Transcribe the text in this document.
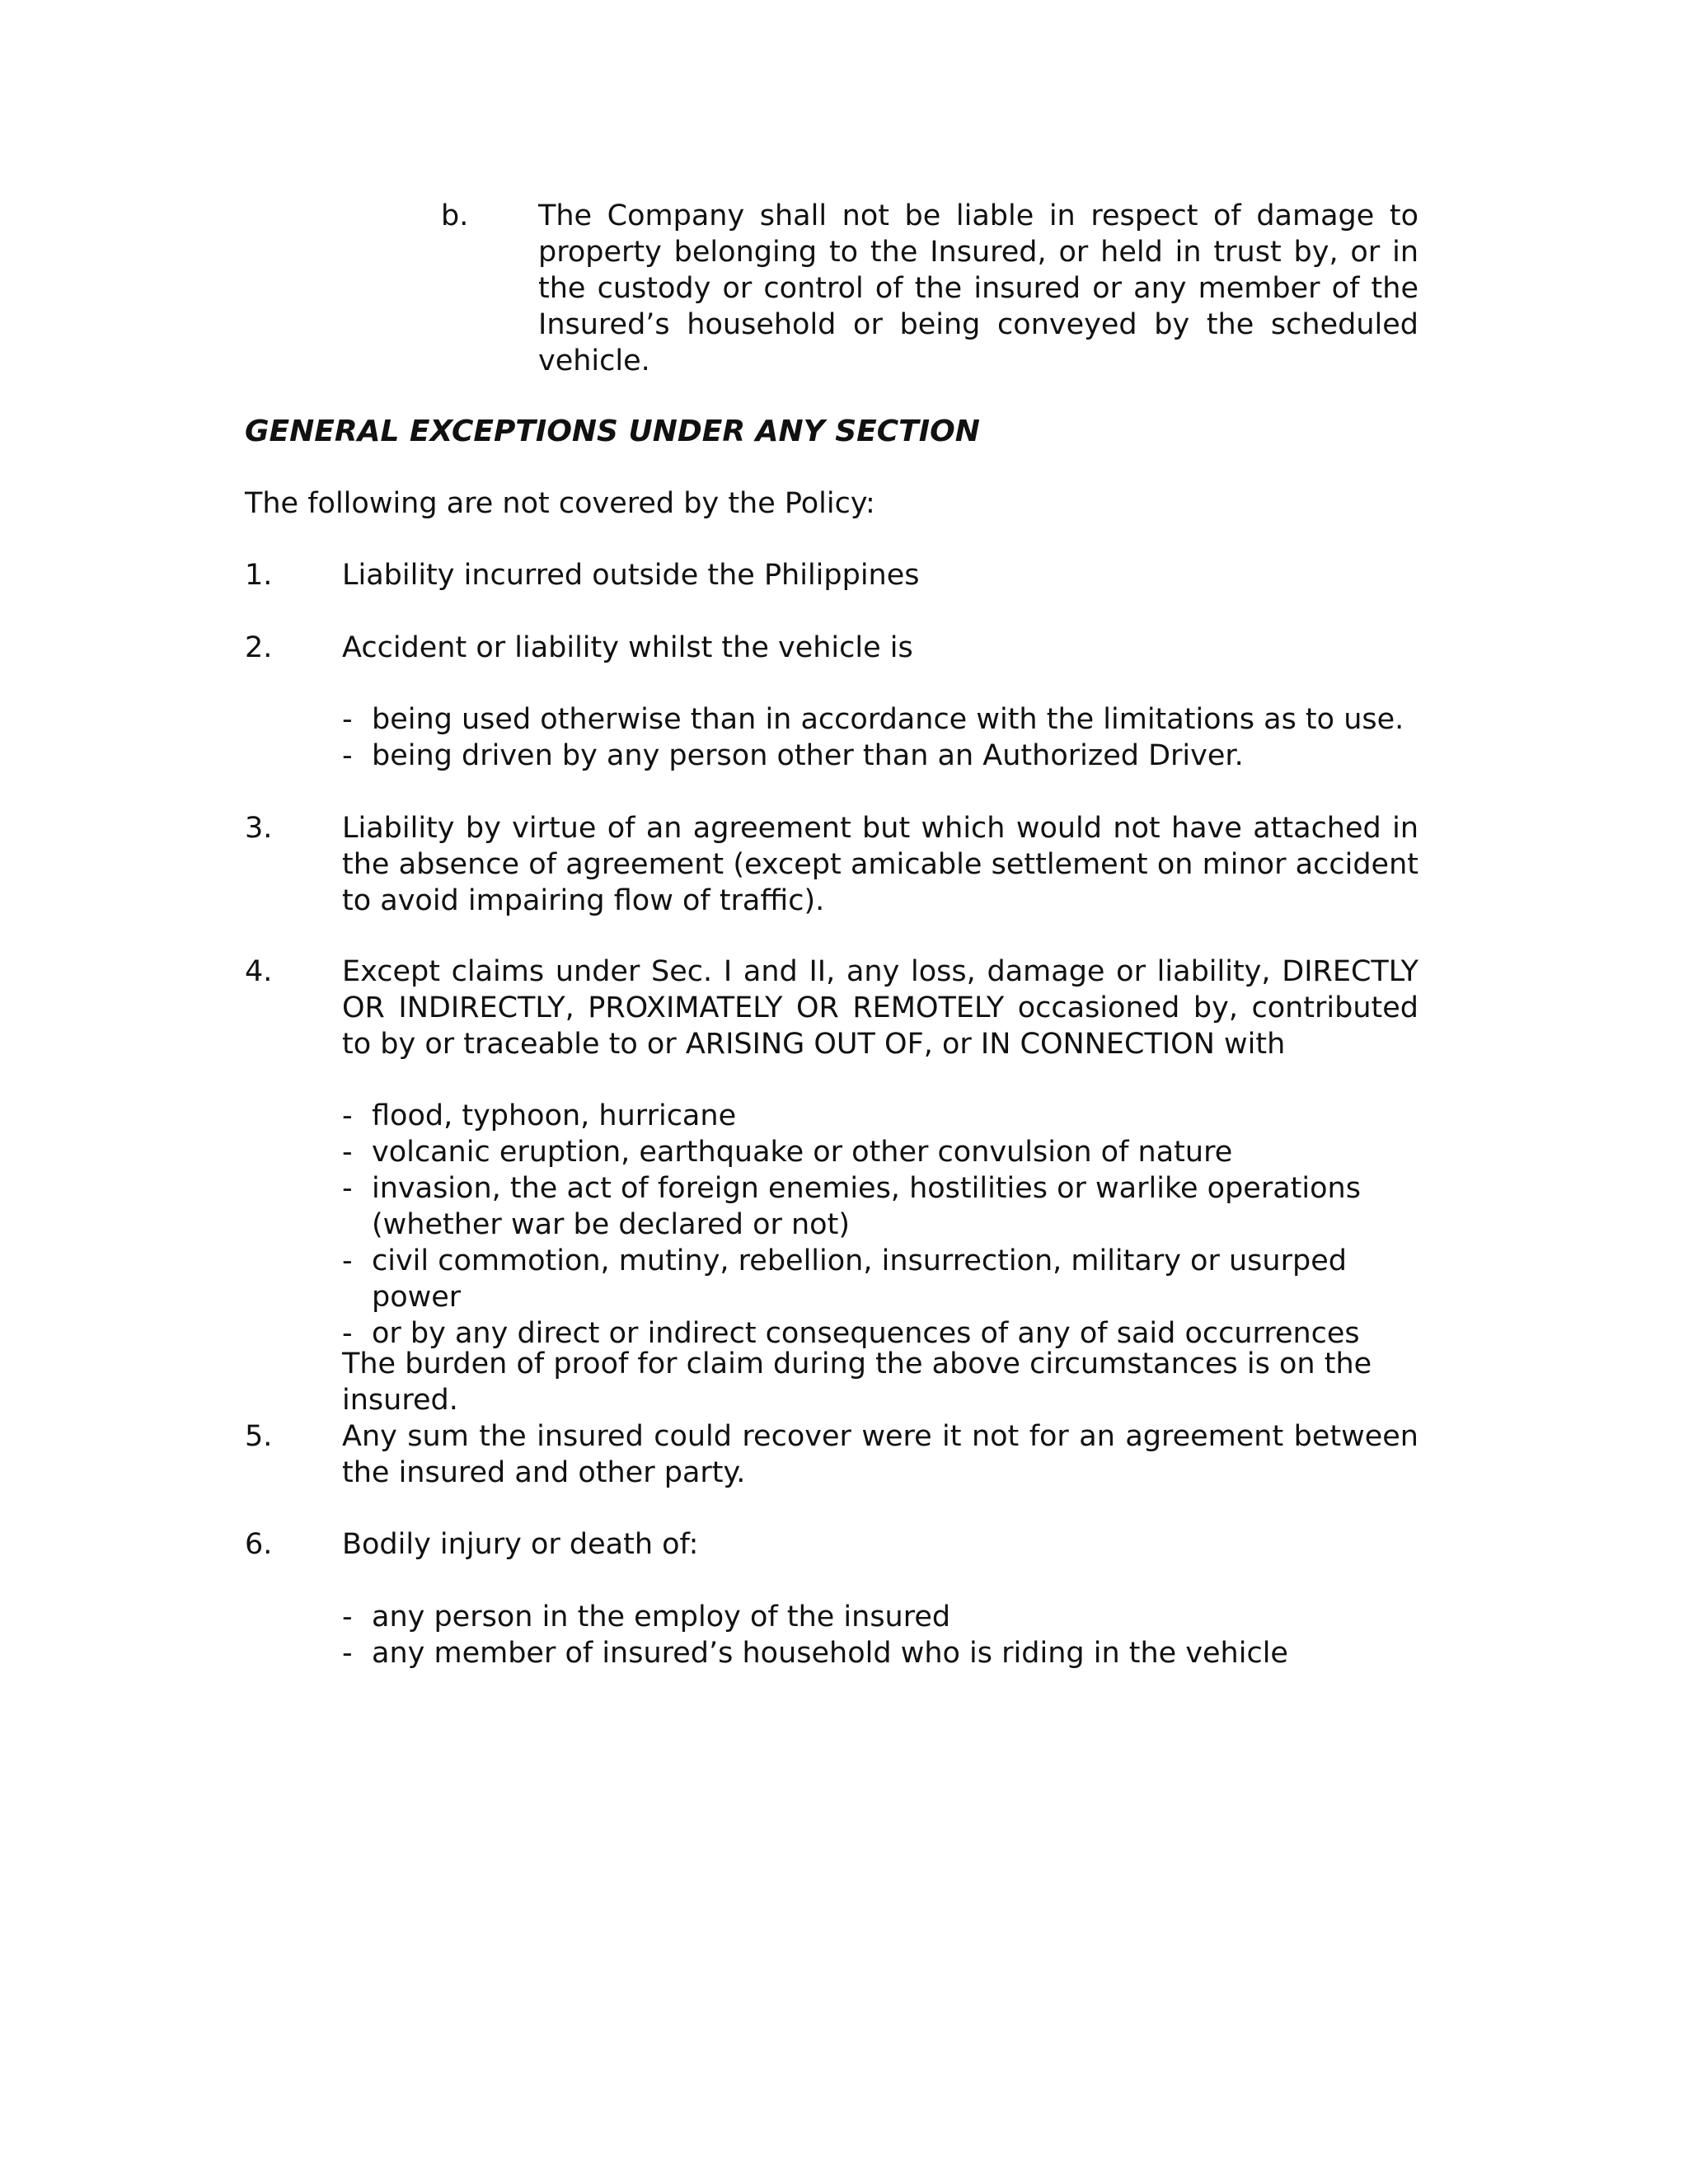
b. The Company shall not be liable in respect of damage to property belonging to the Insured, or held in trust by, or in the custody or control of the insured or any member of the Insured’s household or being conveyed by the scheduled vehicle.
GENERAL EXCEPTIONS UNDER ANY SECTION
The following are not covered by the Policy:
1. Liability incurred outside the Philippines
2. Accident or liability whilst the vehicle is
- being used otherwise than in accordance with the limitations as to use.
- being driven by any person other than an Authorized Driver.
3. Liability by virtue of an agreement but which would not have attached in the absence of agreement (except amicable settlement on minor accident to avoid impairing flow of traffic).
4. Except claims under Sec. I and II, any loss, damage or liability, DIRECTLY OR INDIRECTLY, PROXIMATELY OR REMOTELY occasioned by, contributed to by or traceable to or ARISING OUT OF, or IN CONNECTION with
- flood, typhoon, hurricane
- volcanic eruption, earthquake or other convulsion of nature
- invasion, the act of foreign enemies, hostilities or warlike operations (whether war be declared or not)
- civil commotion, mutiny, rebellion, insurrection, military or usurped power
- or by any direct or indirect consequences of any of said occurrences
The burden of proof for claim during the above circumstances is on the insured.
5. Any sum the insured could recover were it not for an agreement between the insured and other party.
6. Bodily injury or death of:
- any person in the employ of the insured
- any member of insured’s household who is riding in the vehicle
